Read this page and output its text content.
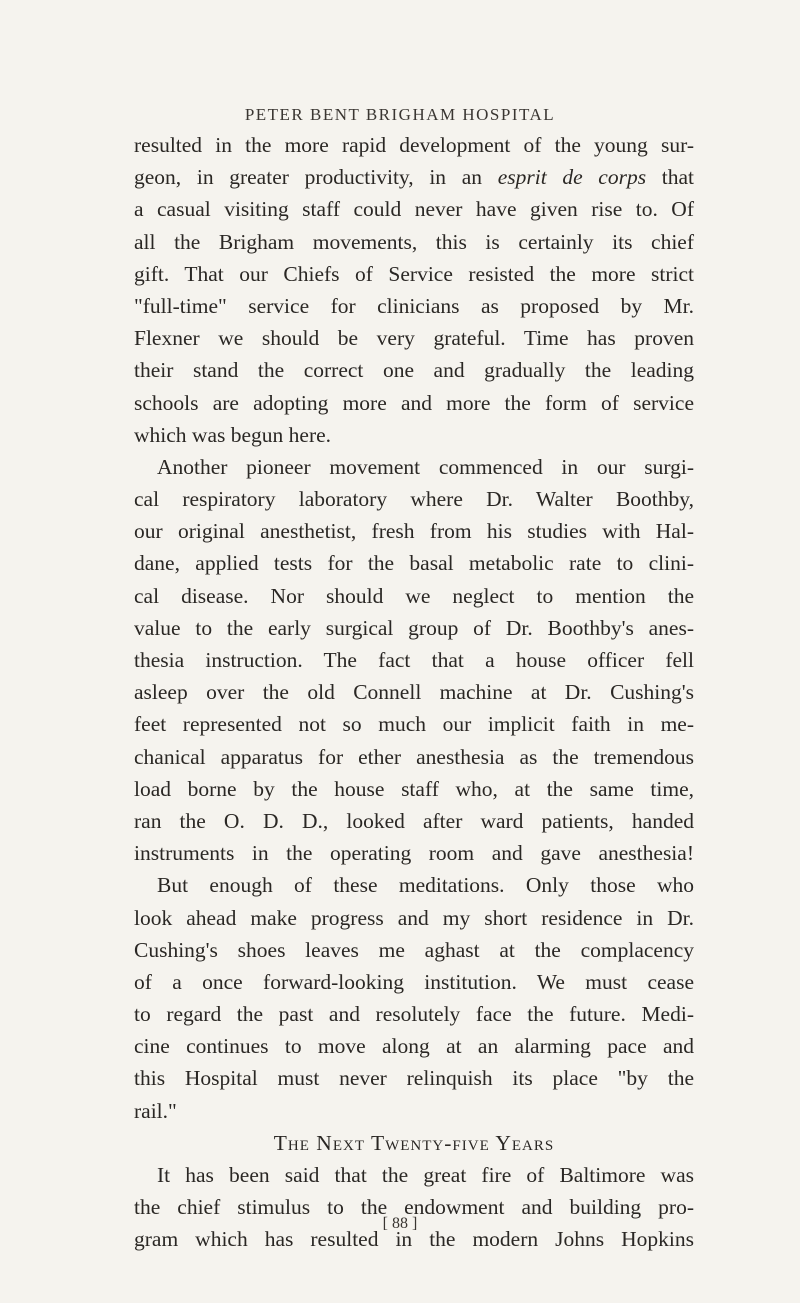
PETER BENT BRIGHAM HOSPITAL
resulted in the more rapid development of the young sur-
geon, in greater productivity, in an esprit de corps that
a casual visiting staff could never have given rise to. Of
all the Brigham movements, this is certainly its chief
gift. That our Chiefs of Service resisted the more strict
"full-time" service for clinicians as proposed by Mr.
Flexner we should be very grateful. Time has proven
their stand the correct one and gradually the leading
schools are adopting more and more the form of service
which was begun here.
Another pioneer movement commenced in our surgi-
cal respiratory laboratory where Dr. Walter Boothby,
our original anesthetist, fresh from his studies with Hal-
dane, applied tests for the basal metabolic rate to clini-
cal disease. Nor should we neglect to mention the
value to the early surgical group of Dr. Boothby's anes-
thesia instruction. The fact that a house officer fell
asleep over the old Connell machine at Dr. Cushing's
feet represented not so much our implicit faith in me-
chanical apparatus for ether anesthesia as the tremendous
load borne by the house staff who, at the same time,
ran the O. D. D., looked after ward patients, handed
instruments in the operating room and gave anesthesia!
But enough of these meditations. Only those who
look ahead make progress and my short residence in Dr.
Cushing's shoes leaves me aghast at the complacency
of a once forward-looking institution. We must cease
to regard the past and resolutely face the future. Medi-
cine continues to move along at an alarming pace and
this Hospital must never relinquish its place "by the
rail."
The Next Twenty-five Years
It has been said that the great fire of Baltimore was
the chief stimulus to the endowment and building pro-
gram which has resulted in the modern Johns Hopkins
[ 88 ]
